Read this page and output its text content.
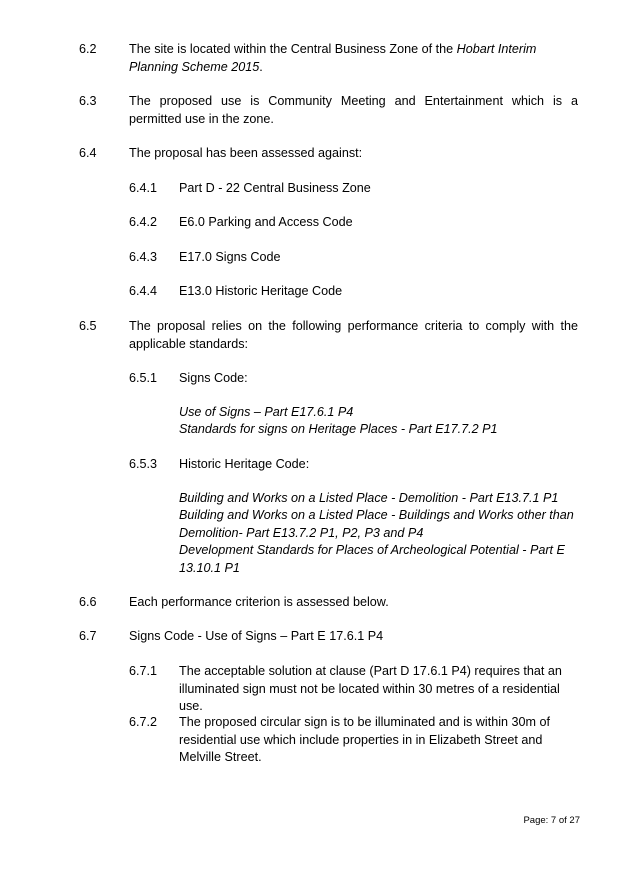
6.2	The site is located within the Central Business Zone of the Hobart Interim Planning Scheme 2015.
6.3	The proposed use is Community Meeting and Entertainment which is a permitted use in the zone.
6.4	The proposal has been assessed against:
6.4.1 Part D - 22 Central Business Zone
6.4.2 E6.0 Parking and Access Code
6.4.3 E17.0 Signs Code
6.4.4 E13.0 Historic Heritage Code
6.5	The proposal relies on the following performance criteria to comply with the applicable standards:
6.5.1 Signs Code:
Use of Signs – Part E17.6.1 P4
Standards for signs on Heritage Places - Part E17.7.2 P1
6.5.3 Historic Heritage Code:
Building and Works on a Listed Place - Demolition - Part E13.7.1 P1
Building and Works on a Listed Place - Buildings and Works other than Demolition- Part E13.7.2 P1, P2, P3 and P4
Development Standards for Places of Archeological Potential - Part E 13.10.1 P1
6.6	Each performance criterion is assessed below.
6.7	Signs Code - Use of Signs – Part E 17.6.1 P4
6.7.1 The acceptable solution at clause (Part D 17.6.1 P4) requires that an illuminated sign must not be located within 30 metres of a residential use.
6.7.2 The proposed circular sign is to be illuminated and is within 30m of residential use which include properties in in Elizabeth Street and Melville Street.
Page: 7 of 27
